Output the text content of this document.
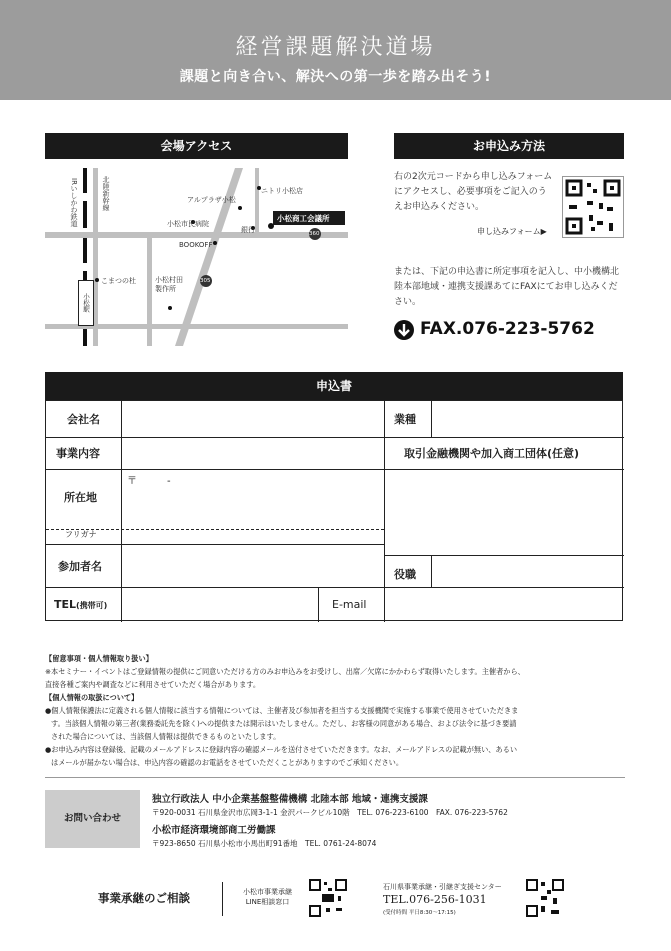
経営課題解決道場
課題と向き合い、解決への第一歩を踏み出そう!
会場アクセス
IRいしかわ鉄道	北陸新幹線	アルプラザ小松
ニトリ小松店
小松市民病院
小松商工会議所
銀行
BOOKOFF
360
305
こまつの杜
小松駅
小松村田製作所
お申込み方法
右の2次元コードから申し込みフォームにアクセスし、必要事項をご記入のうえお申込みください。
申し込みフォーム▶
または、下記の申込書に所定事項を記入し、中小機構北陸本部地域・連携支援課あてにFAXにてお申し込みください。
FAX.076-223-5762
申込書
会社名	業種
事業内容	取引金融機関や加入商工団体(任意)
所在地
〒　　　-
フリガナ
参加者名
役職
TEL(携帯可)	E-mail
【留意事項・個人情報取り扱い】
※本セミナー・イベントはご登録情報の提供にご同意いただける方のみお申込みをお受けし、出席／欠席にかかわらず取得いたします。主催者から、
直接各種ご案内や調査などに利用させていただく場合があります。
【個人情報の取扱について】
●個人情報保護法に定義される個人情報に該当する情報については、主催者及び参加者を担当する支援機関で実施する事業で使用させていただきま
す。当該個人情報の第三者(業務委託先を除く)への提供または開示はいたしません。ただし、お客様の同意がある場合、および法令に基づき要請
された場合については、当該個人情報は提供できるものといたします。
●お申込み内容は登録後、記載のメールアドレスに登録内容の確認メールを送付させていただきます。なお、メールアドレスの記載が無い、あるい
はメールが届かない場合は、申込内容の確認のお電話をさせていただくことがありますのでご承知ください。
お問い合わせ
独立行政法人 中小企業基盤整備機構 北陸本部 地域・連携支援課
〒920-0031 石川県金沢市広岡3-1-1 金沢パークビル10階　TEL. 076-223-6100　FAX. 076-223-5762
小松市経済環境部商工労働課
〒923-8650 石川県小松市小馬出町91番地　TEL. 0761-24-8074
事業承継のご相談	小松市事業承継
LINE相談窓口
石川県事業承継・引継ぎ支援センター
TEL.076-256-1031
(受付時間 平日8:30～17:15)
